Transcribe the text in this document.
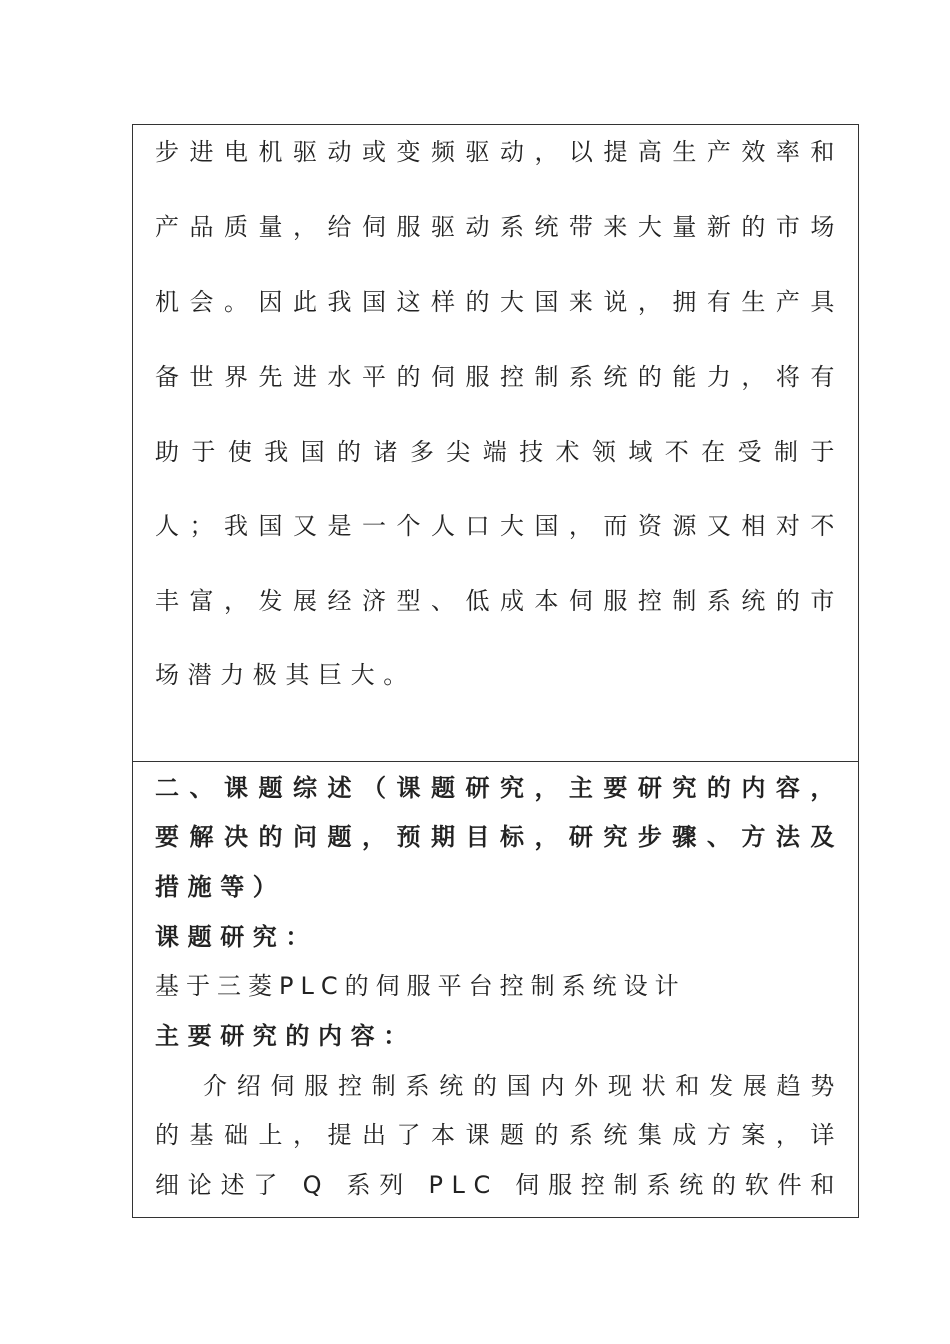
步进电机驱动或变频驱动，以提高生产效率和
产品质量，给伺服驱动系统带来大量新的市场
机会。因此我国这样的大国来说，拥有生产具
备世界先进水平的伺服控制系统的能力，将有
助于使我国的诸多尖端技术领域不在受制于
人；我国又是一个人口大国，而资源又相对不
丰富，发展经济型、低成本伺服控制系统的市
场潜力极其巨大。
二、课题综述（课题研究，主要研究的内容，
要解决的问题，预期目标，研究步骤、方法及
措施等）
课题研究：
基于三菱PLC的伺服平台控制系统设计
主要研究的内容：
介绍伺服控制系统的国内外现状和发展趋势
的基础上，提出了本课题的系统集成方案，详
细论述了 Q 系列 PLC 伺服控制系统的软件和
